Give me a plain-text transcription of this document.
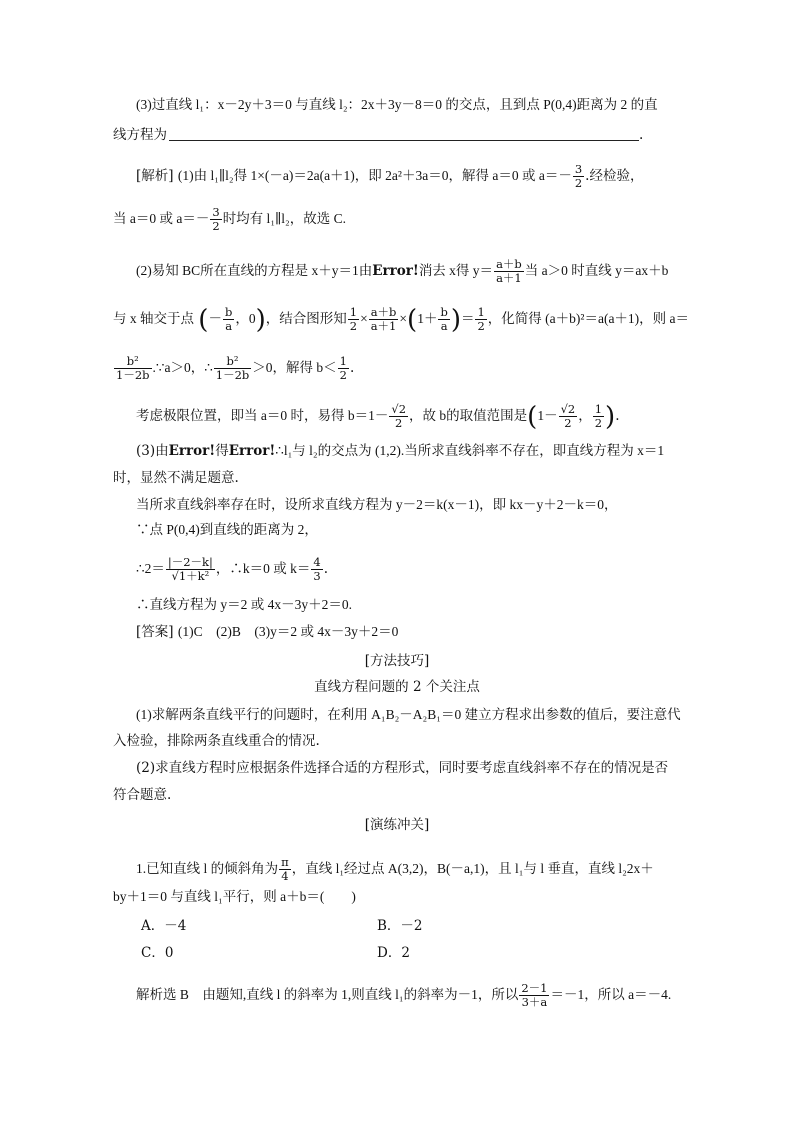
(3)过直线 l₁：x－2y＋3＝0 与直线 l₂：2x＋3y－8＝0 的交点，且到点 P(0,4)距离为 2 的直
线方程为	.
[解析] (1)由 l₁∥l₂得 1×(－a)＝2a(a＋1)，即 2a²＋3a＝0，解得 a＝0 或 $a=- \frac{3}{2}$ .经检验，
当 a＝0 或 $a=- \frac{3}{2}$ 时均有 l₁∥l₂，故选 C.
(2)易知 BC所在直线的方程是 x＋y＝1由Error!消去 x得 $y= \frac{a+b}{a+1}$ 当 a＞0 时直线 y＝ax＋b
与 x 轴交于点 (－ $\frac{b}{a}$ ，0)，结合图形知 $\frac{1}{2} \times \frac{a+b}{a+1} \times(1+ \frac{b}{a}$ )＝ $\frac{1}{2}$ ，化简得 (a＋b)²＝a(a＋1)，则 a＝
$\frac{\text{b²}}{1-2b}$ .∵a＞0，∴ $\frac{\text{b²}}{1-2b} >0$，解得 $b< \frac{1}{2}$ .
考虑极限位置，即当 a＝0 时，易得 $b=1- \frac{√2}{2}$ ，故 b的取值范围是($1- \frac{√2}{2}$ ， $\frac{1}{2}$ ).
(3)由Error!得Error!∴l₁与 l₂的交点为 (1,2).当所求直线斜率不存在，即直线方程为 x＝1
时，显然不满足题意.
当所求直线斜率存在时，设所求直线方程为 y－2＝k(x－1)，即 kx－y＋2－k＝0，
∵点 P(0,4)到直线的距离为 2，
∴2＝ $\frac{|-2-k|}{\text{√1＋k²}}$ ，∴k＝0 或 $k= \frac{4}{3}$ .
∴直线方程为 y＝2 或 4x－3y＋2＝0.
[答案] (1)C　(2)B　(3)y＝2 或 4x－3y＋2＝0
[方法技巧]
直线方程问题的 2 个关注点
(1)求解两条直线平行的问题时，在利用 A₁B₂－A₂B₁＝0 建立方程求出参数的值后，要注意代
入检验，排除两条直线重合的情况.
(2)求直线方程时应根据条件选择合适的方程形式，同时要考虑直线斜率不存在的情况是否
符合题意.
[演练冲关]
1.已知直线 l 的倾斜角为 $\frac{\pi}{4}$ ，直线 l₁经过点 A(3,2)，B(－a,1)，且 l₁与 l 垂直，直线 l₂2x＋
by＋1＝0 与直线 l₁平行，则 a＋b＝(　　)
A．－4	B．－2
C．0	D．2
解析选 B　由题知,直线 l 的斜率为 1,则直线 l₁的斜率为－1，所以 $\frac{2-1}{3+a} =-1$，所以 a＝－4.
